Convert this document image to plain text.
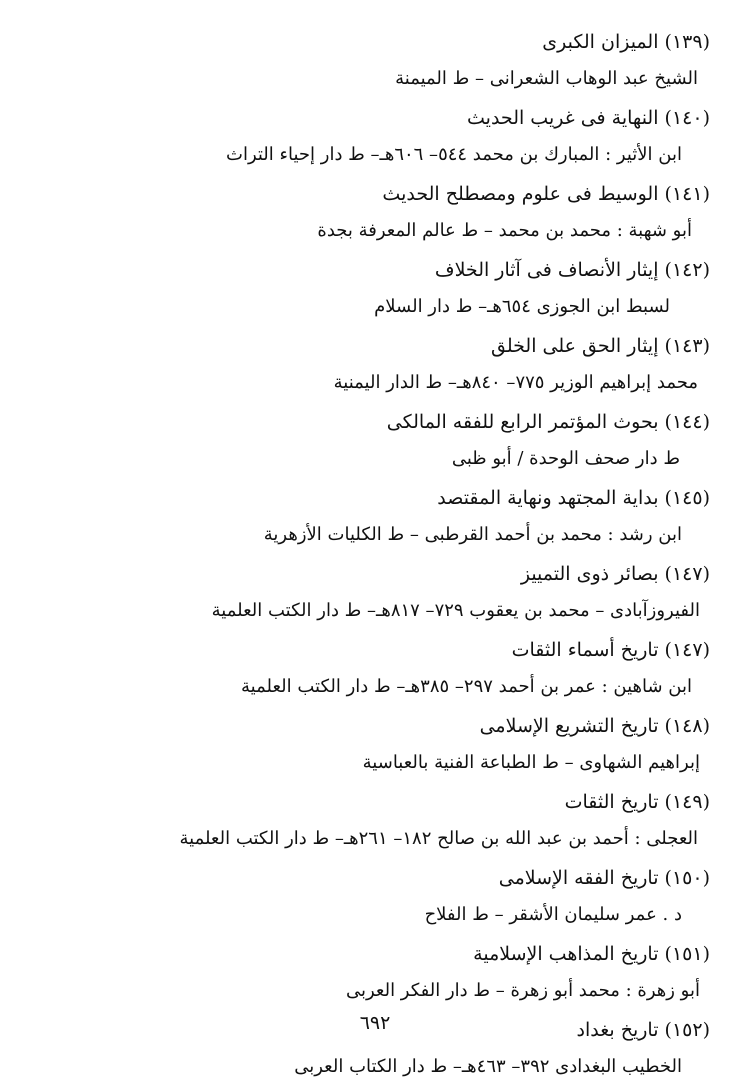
(١٣٩) الميزان الكبرى
الشيخ عبد الوهاب الشعرانى – ط الميمنة
(١٤٠) النهاية فى غريب الحديث
ابن الأثير : المبارك بن محمد ٥٤٤– ٦٠٦هـ– ط دار إحياء التراث
(١٤١) الوسيط فى علوم ومصطلح الحديث
أبو شهبة : محمد بن محمد – ط عالم المعرفة بجدة
(١٤٢) إيثار الأنصاف فى آثار الخلاف
لسبط ابن الجوزى ٦٥٤هـ– ط دار السلام
(١٤٣) إيثار الحق على الخلق
محمد إبراهيم الوزير ٧٧٥– ٨٤٠هـ– ط الدار اليمنية
(١٤٤) بحوث المؤتمر الرابع للفقه المالكى
ط دار صحف الوحدة / أبو ظبى
(١٤٥) بداية المجتهد ونهاية المقتصد
ابن رشد : محمد بن أحمد القرطبى – ط الكليات الأزهرية
(١٤٧) بصائر ذوى التمييز
الفيروزآبادى – محمد بن يعقوب ٧٢٩– ٨١٧هـ– ط دار الكتب العلمية
(١٤٧) تاريخ أسماء الثقات
ابن شاهين : عمر بن أحمد ٢٩٧– ٣٨٥هـ– ط دار الكتب العلمية
(١٤٨) تاريخ التشريع الإسلامى
إبراهيم الشهاوى – ط الطباعة الفنية بالعباسية
(١٤٩) تاريخ الثقات
العجلى : أحمد بن عبد الله بن صالح ١٨٢– ٢٦١هـ– ط دار الكتب العلمية
(١٥٠) تاريخ الفقه الإسلامى
د . عمر سليمان الأشقر – ط الفلاح
(١٥١) تاريخ المذاهب الإسلامية
أبو زهرة : محمد أبو زهرة – ط دار الفكر العربى
(١٥٢) تاريخ بغداد
الخطيب البغدادى ٣٩٢– ٤٦٣هـ– ط دار الكتاب العربى
٦٩٢
